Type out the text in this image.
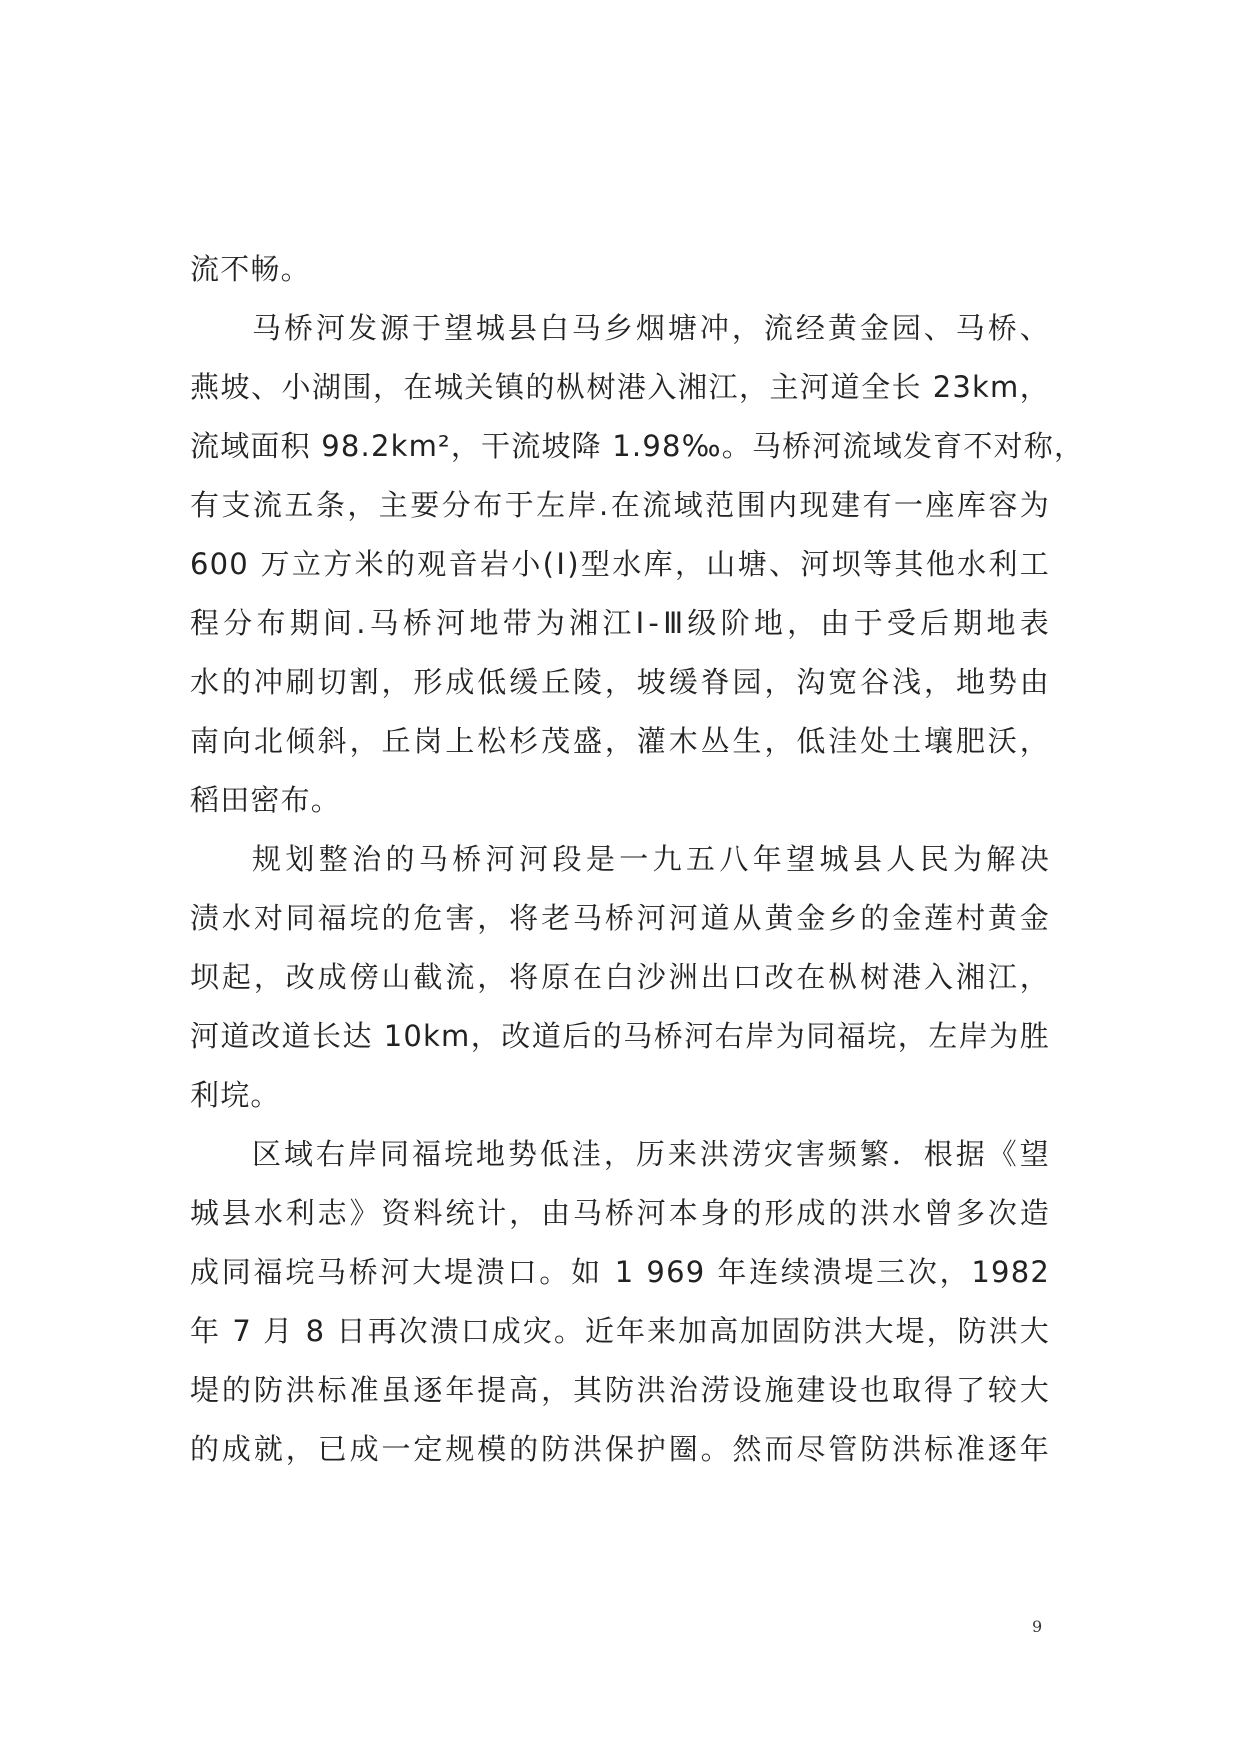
流不畅。
马桥河发源于望城县白马乡烟塘冲，流经黄金园、马桥、
燕坡、小湖围，在城关镇的枞树港入湘江，主河道全长 23km，
流域面积 98.2km²，干流坡降 1.98‰。马桥河流域发育不对称，
有支流五条，主要分布于左岸.在流域范围内现建有一座库容为
600 万立方米的观音岩小(Ⅰ)型水库，山塘、河坝等其他水利工
程分布期间.马桥河地带为湘江Ⅰ-Ⅲ级阶地，由于受后期地表
水的冲刷切割，形成低缓丘陵，坡缓脊园，沟宽谷浅，地势由
南向北倾斜，丘岗上松杉茂盛，灌木丛生，低洼处土壤肥沃，
稻田密布。
规划整治的马桥河河段是一九五八年望城县人民为解决
渍水对同福垸的危害，将老马桥河河道从黄金乡的金莲村黄金
坝起，改成傍山截流，将原在白沙洲出口改在枞树港入湘江，
河道改道长达 10km，改道后的马桥河右岸为同福垸，左岸为胜
利垸。
区域右岸同福垸地势低洼，历来洪涝灾害频繁．根据《望
城县水利志》资料统计，由马桥河本身的形成的洪水曾多次造
成同福垸马桥河大堤溃口。如 1 969 年连续溃堤三次，1982
年 7 月 8 日再次溃口成灾。近年来加高加固防洪大堤，防洪大
堤的防洪标准虽逐年提高，其防洪治涝设施建设也取得了较大
的成就，已成一定规模的防洪保护圈。然而尽管防洪标准逐年
9
